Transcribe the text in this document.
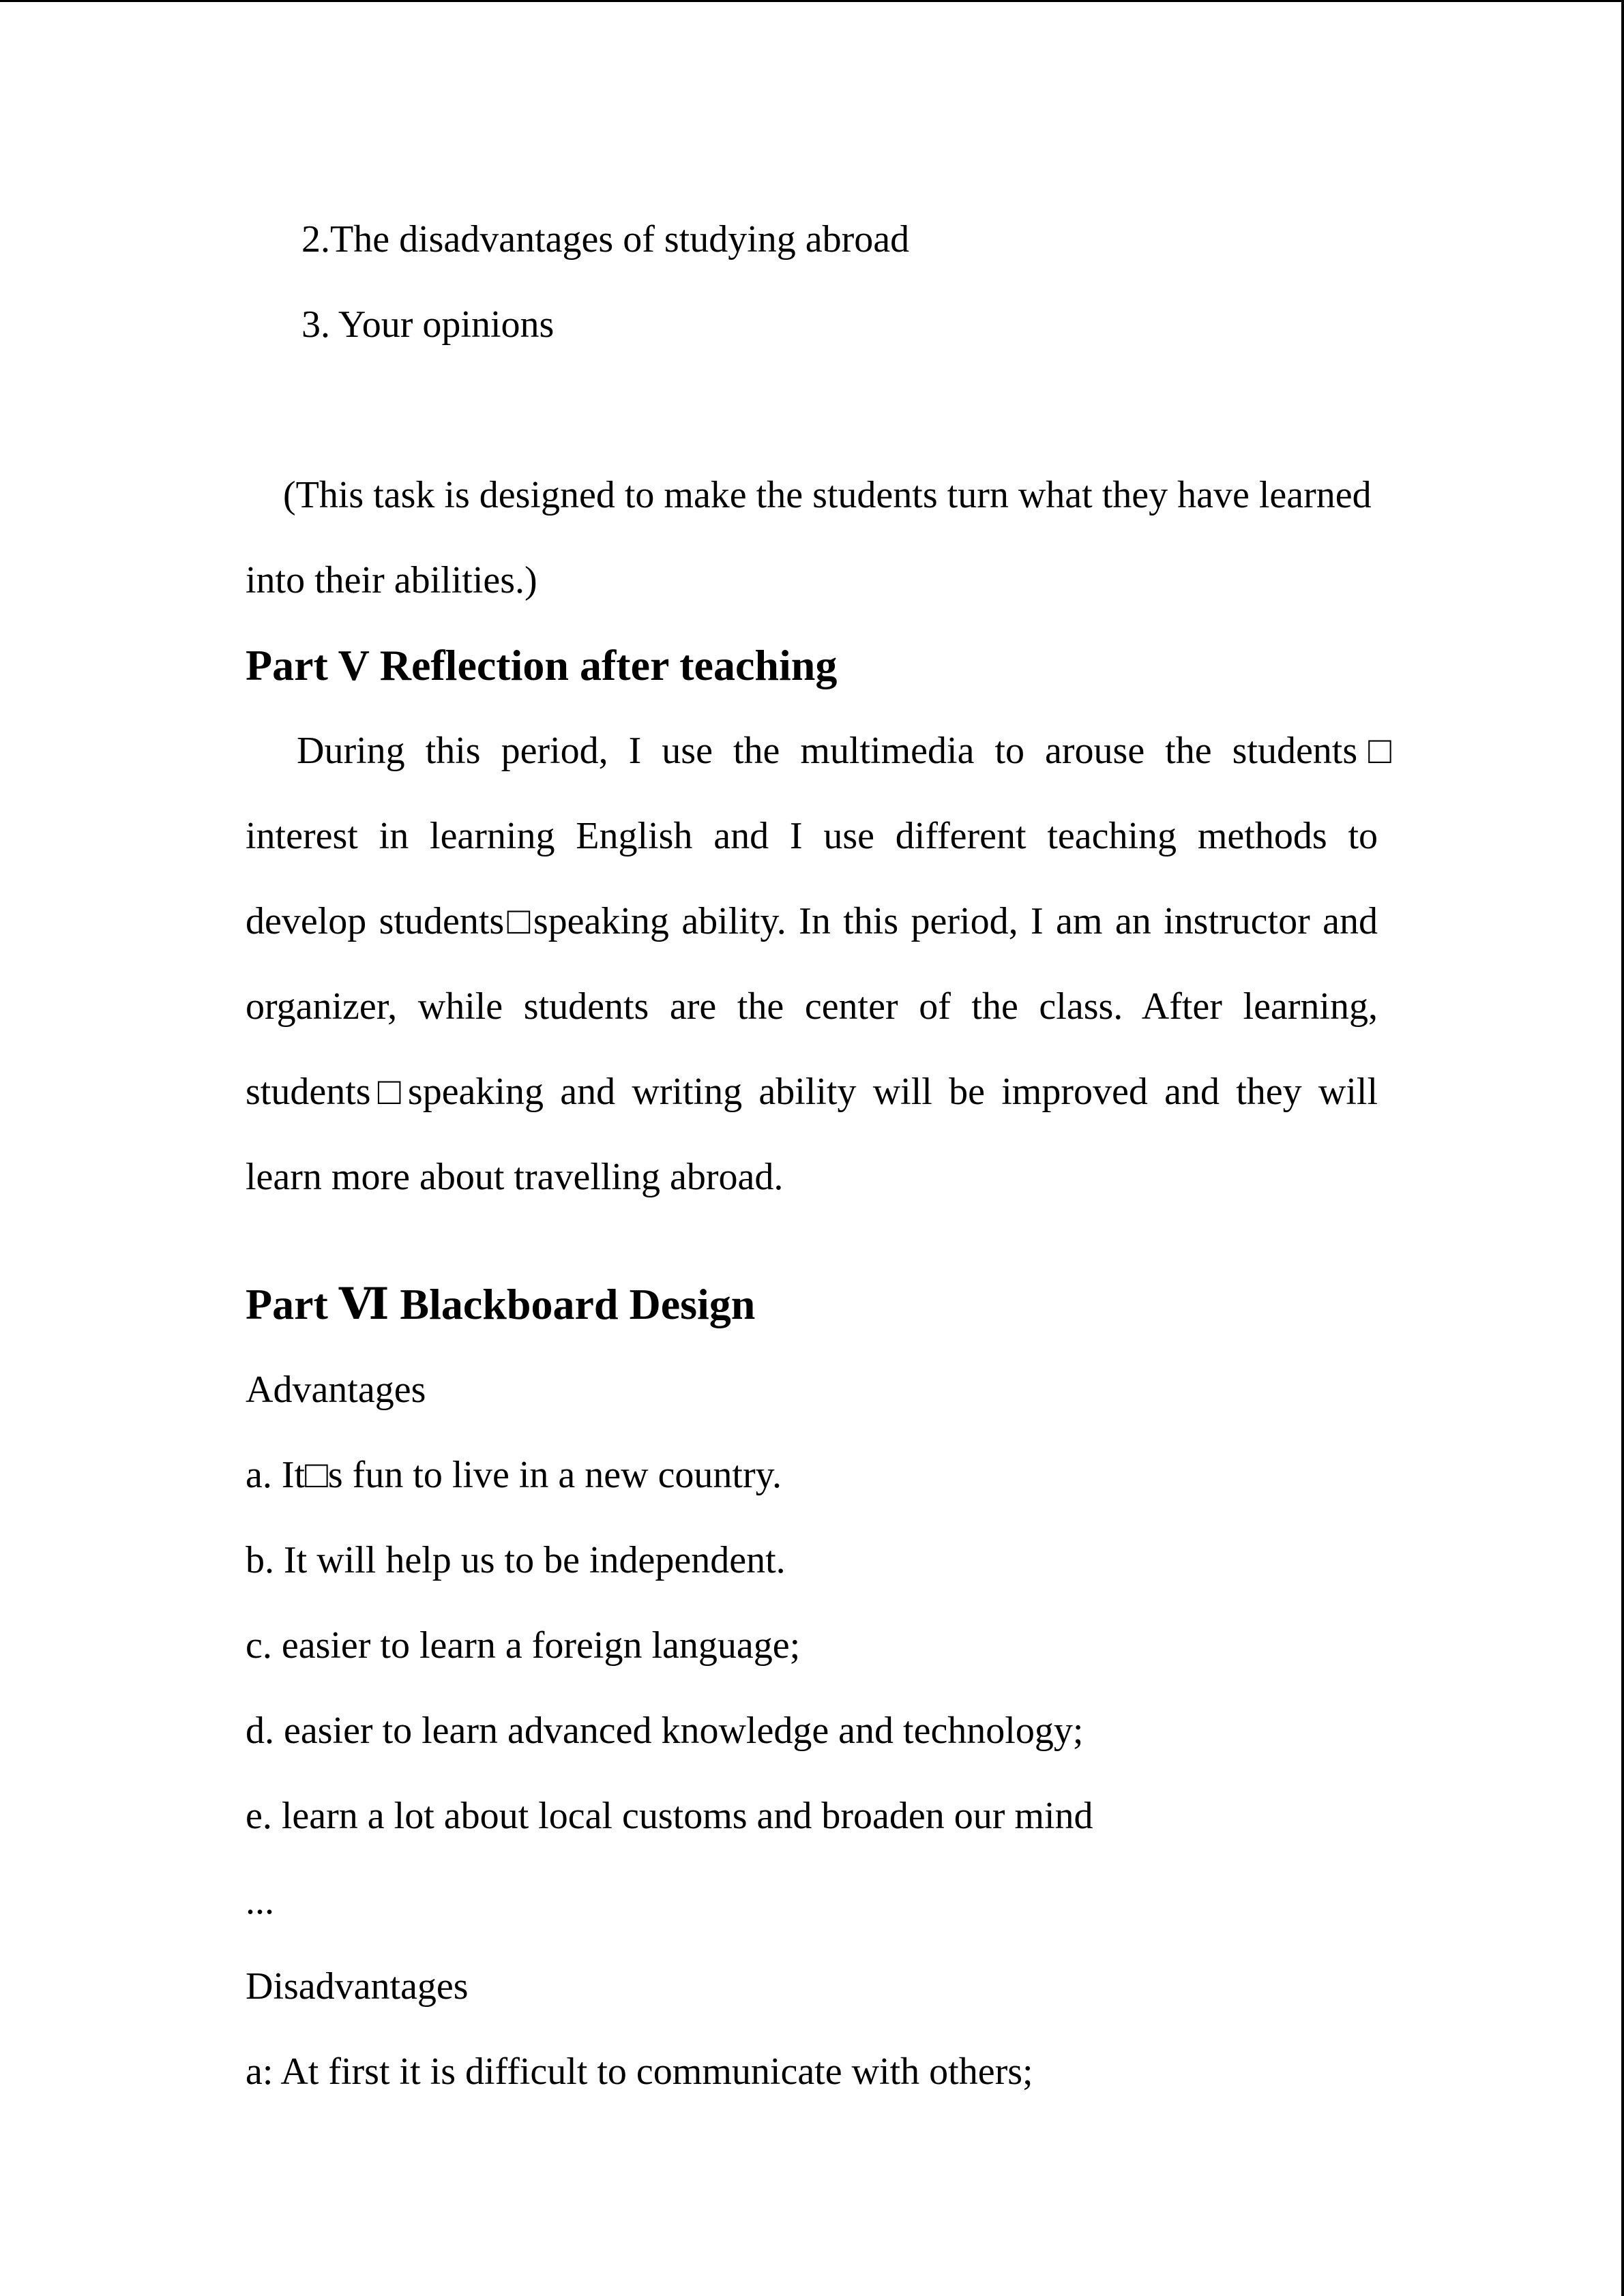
2.The disadvantages of studying abroad
3. Your opinions
(This task is designed to make the students turn what they have learned
into their abilities.)
Part V Reflection after teaching
During this period, I use the multimedia to arouse the students□
interest in learning English and I use different teaching methods to
develop students□speaking ability. In this period, I am an instructor and
organizer, while students are the center of the class. After learning,
students□speaking and writing ability will be improved and they will
learn more about travelling abroad.
Part Ⅵ Blackboard Design
Advantages
a. It□s fun to live in a new country.
b. It will help us to be independent.
c. easier to learn a foreign language;
d. easier to learn advanced knowledge and technology;
e. learn a lot about local customs and broaden our mind
...
Disadvantages
a: At first it is difficult to communicate with others;
